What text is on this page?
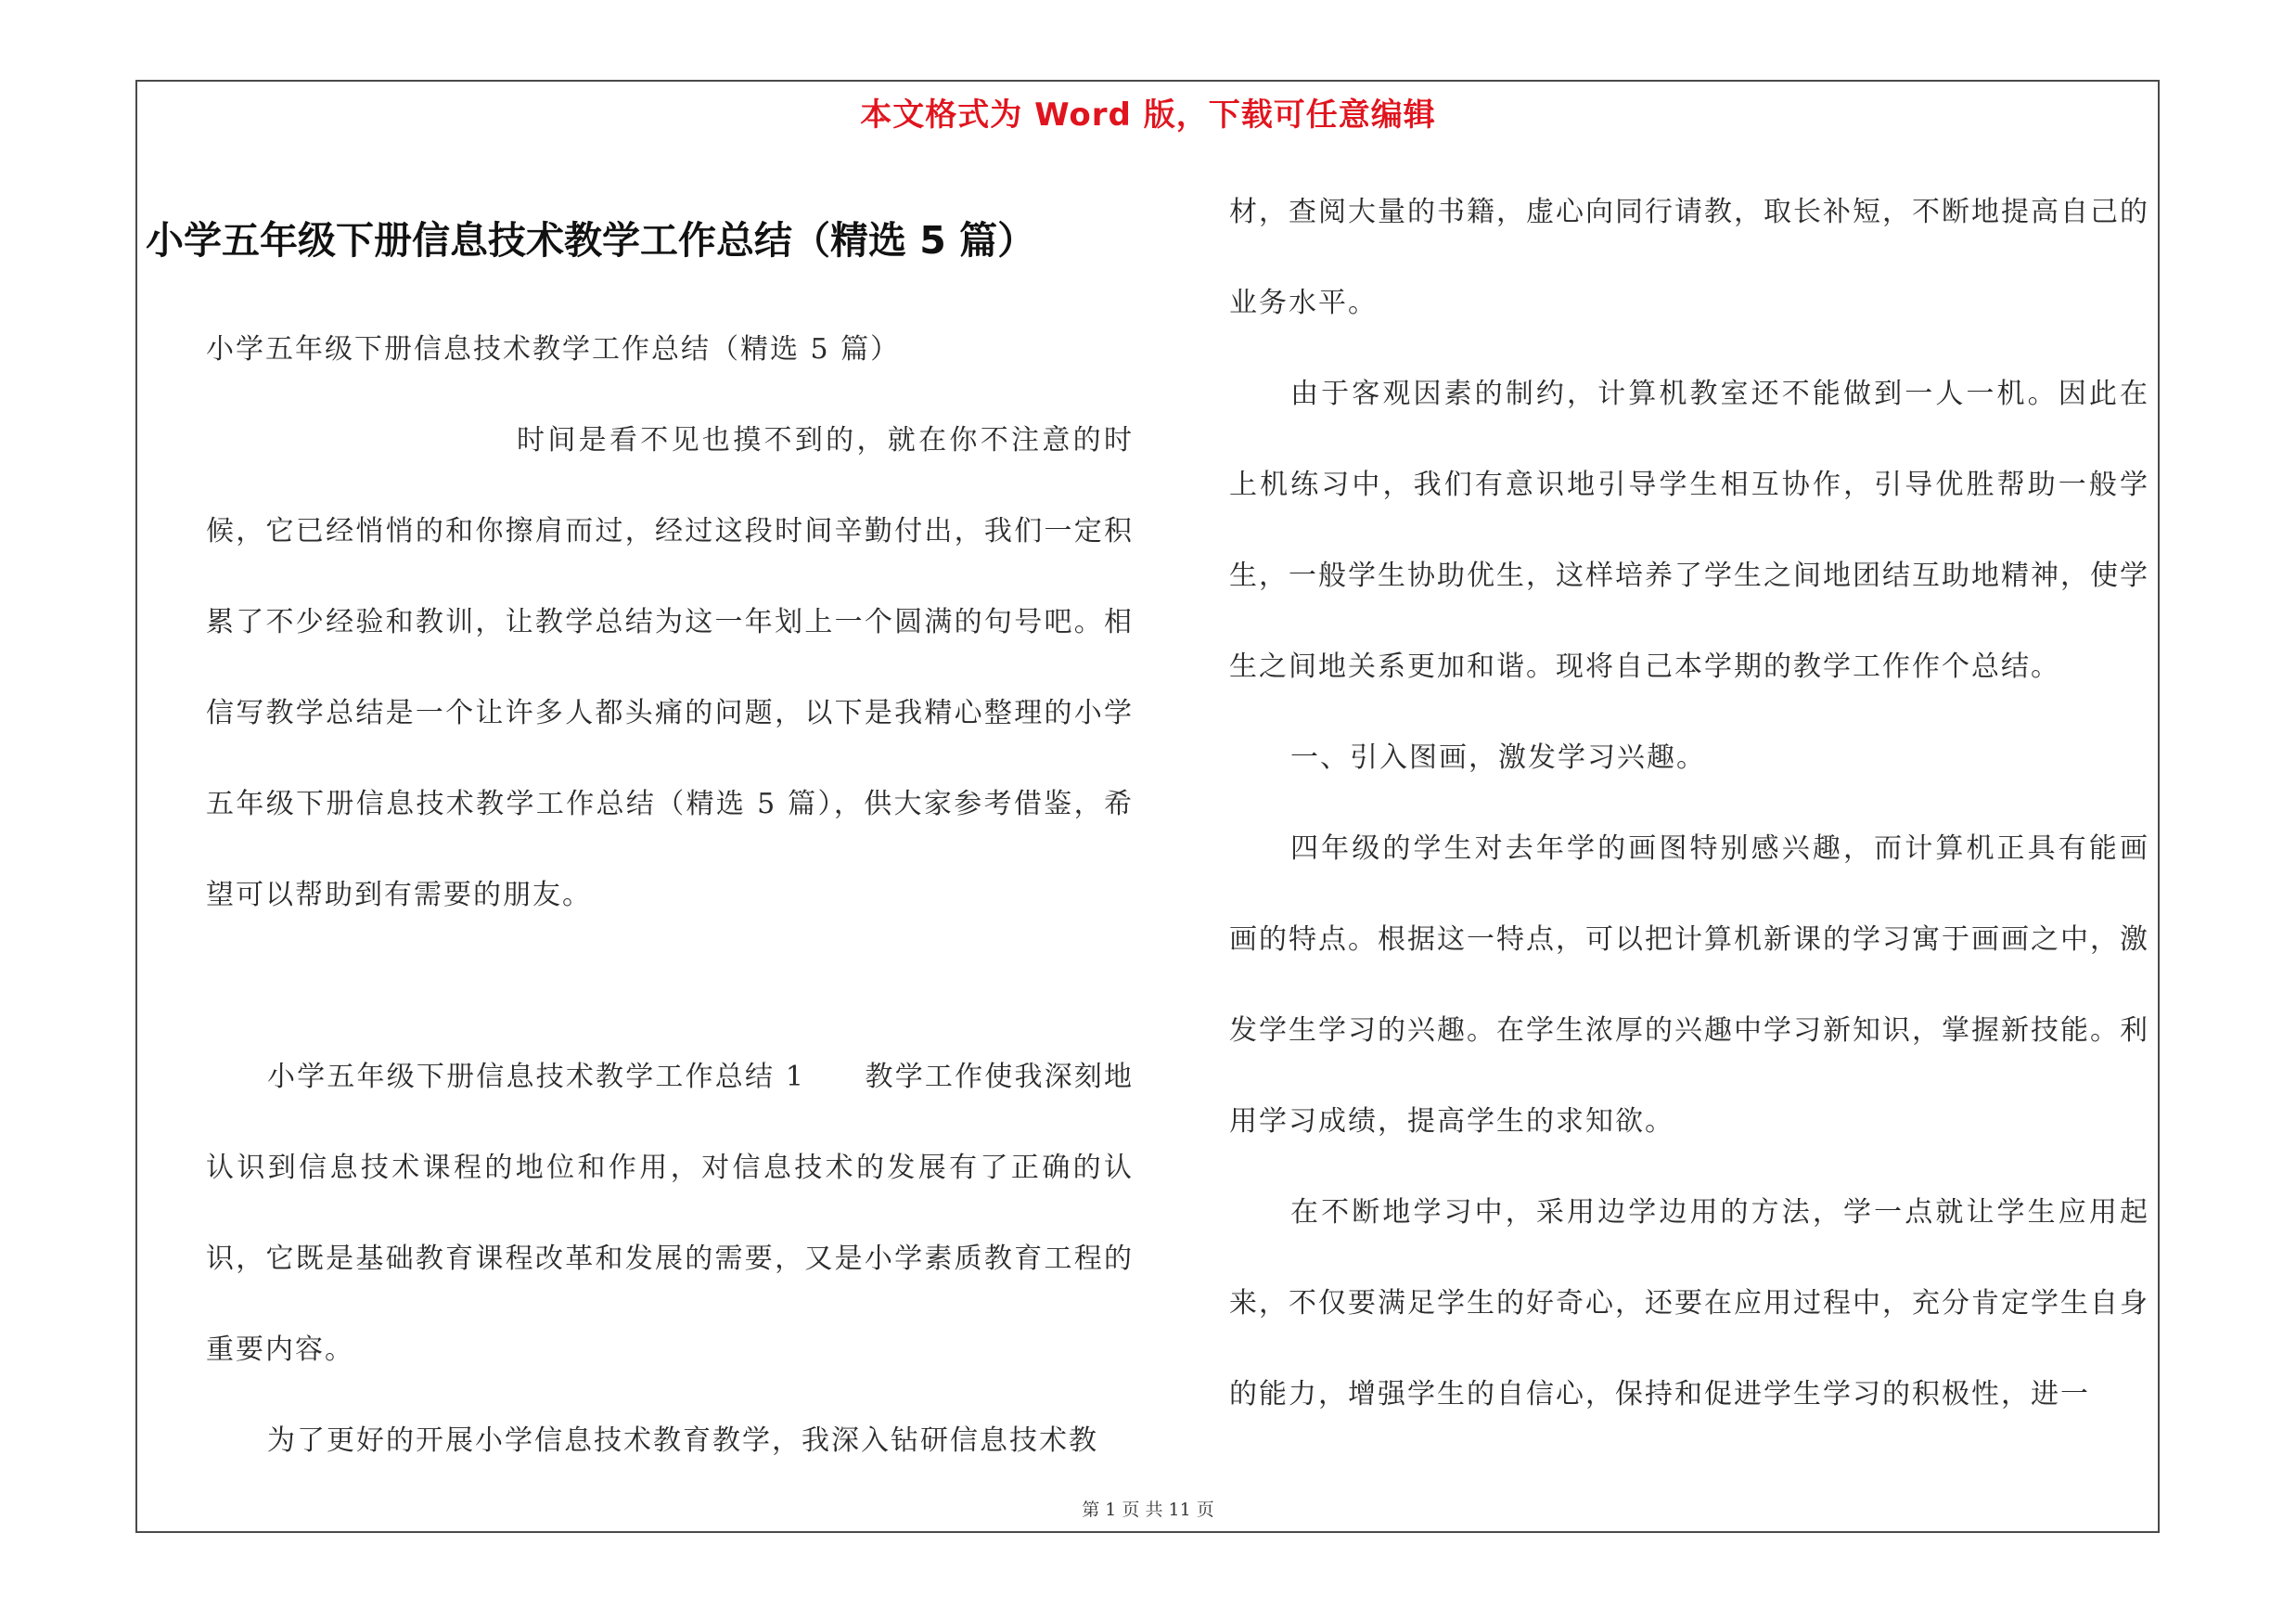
本文格式为 Word 版，下载可任意编辑
小学五年级下册信息技术教学工作总结（精选 5 篇）

小学五年级下册信息技术教学工作总结（精选 5 篇）

时间是看不见也摸不到的，就在你不注意的时候，它已经悄悄的和你擦肩而过，经过这段时间辛勤付出，我们一定积累了不少经验和教训，让教学总结为这一年划上一个圆满的句号吧。相信写教学总结是一个让许多人都头痛的问题，以下是我精心整理的小学五年级下册信息技术教学工作总结（精选 5 篇），供大家参考借鉴，希望可以帮助到有需要的朋友。

小学五年级下册信息技术教学工作总结 1　　教学工作使我深刻地认识到信息技术课程的地位和作用，对信息技术的发展有了正确的认识，它既是基础教育课程改革和发展的需要，又是小学素质教育工程的重要内容。

为了更好的开展小学信息技术教育教学，我深入钻研信息技术教

材，查阅大量的书籍，虚心向同行请教，取长补短，不断地提高自己的业务水平。

由于客观因素的制约，计算机教室还不能做到一人一机。因此在上机练习中，我们有意识地引导学生相互协作，引导优胜帮助一般学生，一般学生协助优生，这样培养了学生之间地团结互助地精神，使学生之间地关系更加和谐。现将自己本学期的教学工作作个总结。

一、引入图画，激发学习兴趣。

四年级的学生对去年学的画图特别感兴趣，而计算机正具有能画画的特点。根据这一特点，可以把计算机新课的学习寓于画画之中，激发学生学习的兴趣。在学生浓厚的兴趣中学习新知识，掌握新技能。利用学习成绩，提高学生的求知欲。

在不断地学习中，采用边学边用的方法，学一点就让学生应用起来，不仅要满足学生的好奇心，还要在应用过程中，充分肯定学生自身的能力，增强学生的自信心，保持和促进学生学习的积极性，进一

第 1 页 共 11 页
